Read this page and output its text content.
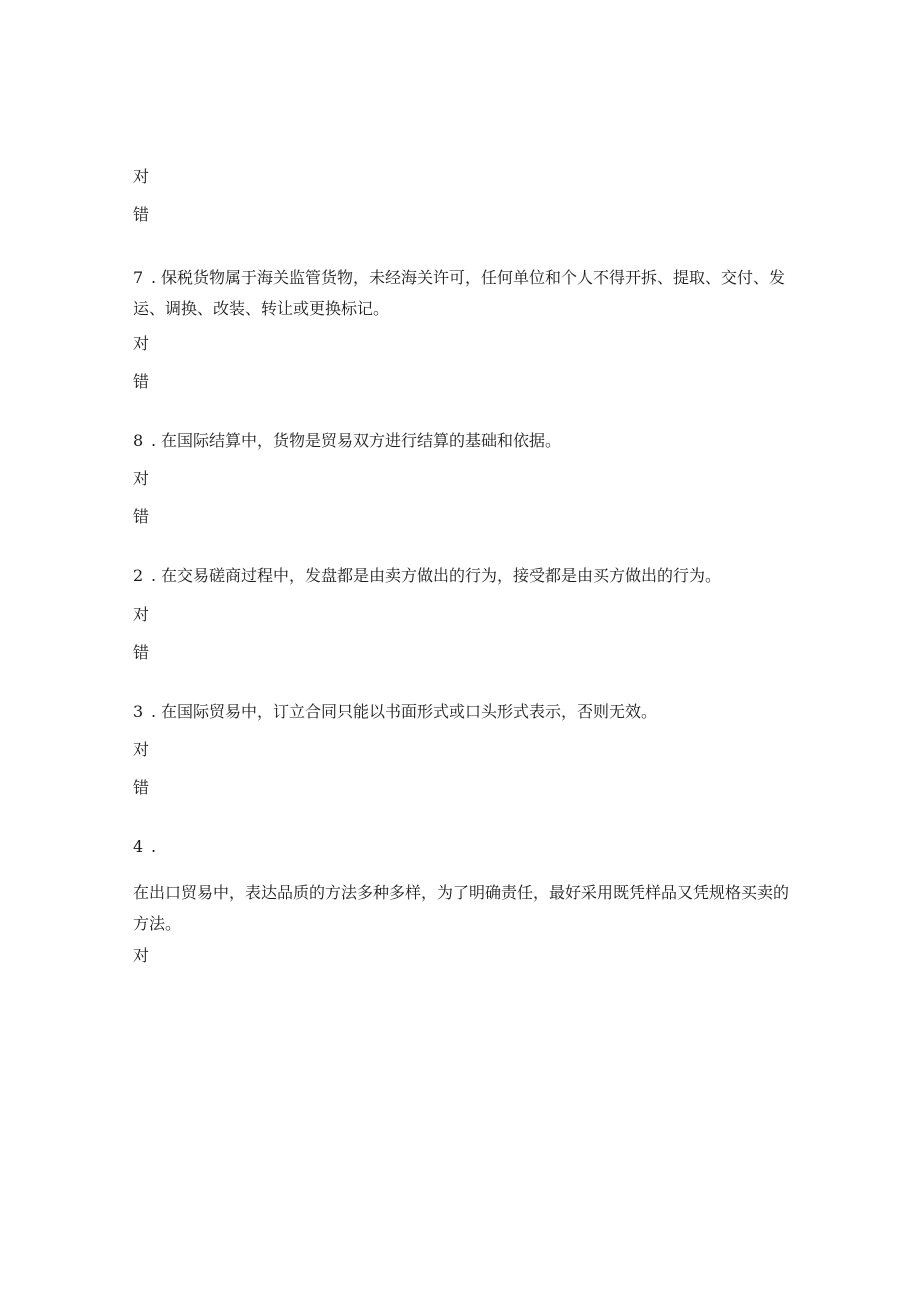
对
错
7 . 保税货物属于海关监管货物，未经海关许可，任何单位和个人不得开拆、提取、交付、发运、调换、改装、转让或更换标记。
对
错
8 . 在国际结算中，货物是贸易双方进行结算的基础和依据。
对
错
2 . 在交易磋商过程中，发盘都是由卖方做出的行为，接受都是由买方做出的行为。
对
错
3 . 在国际贸易中，订立合同只能以书面形式或口头形式表示，否则无效。
对
错
4 .
在出口贸易中，表达品质的方法多种多样，为了明确责任，最好采用既凭样品又凭规格买卖的方法。
对
